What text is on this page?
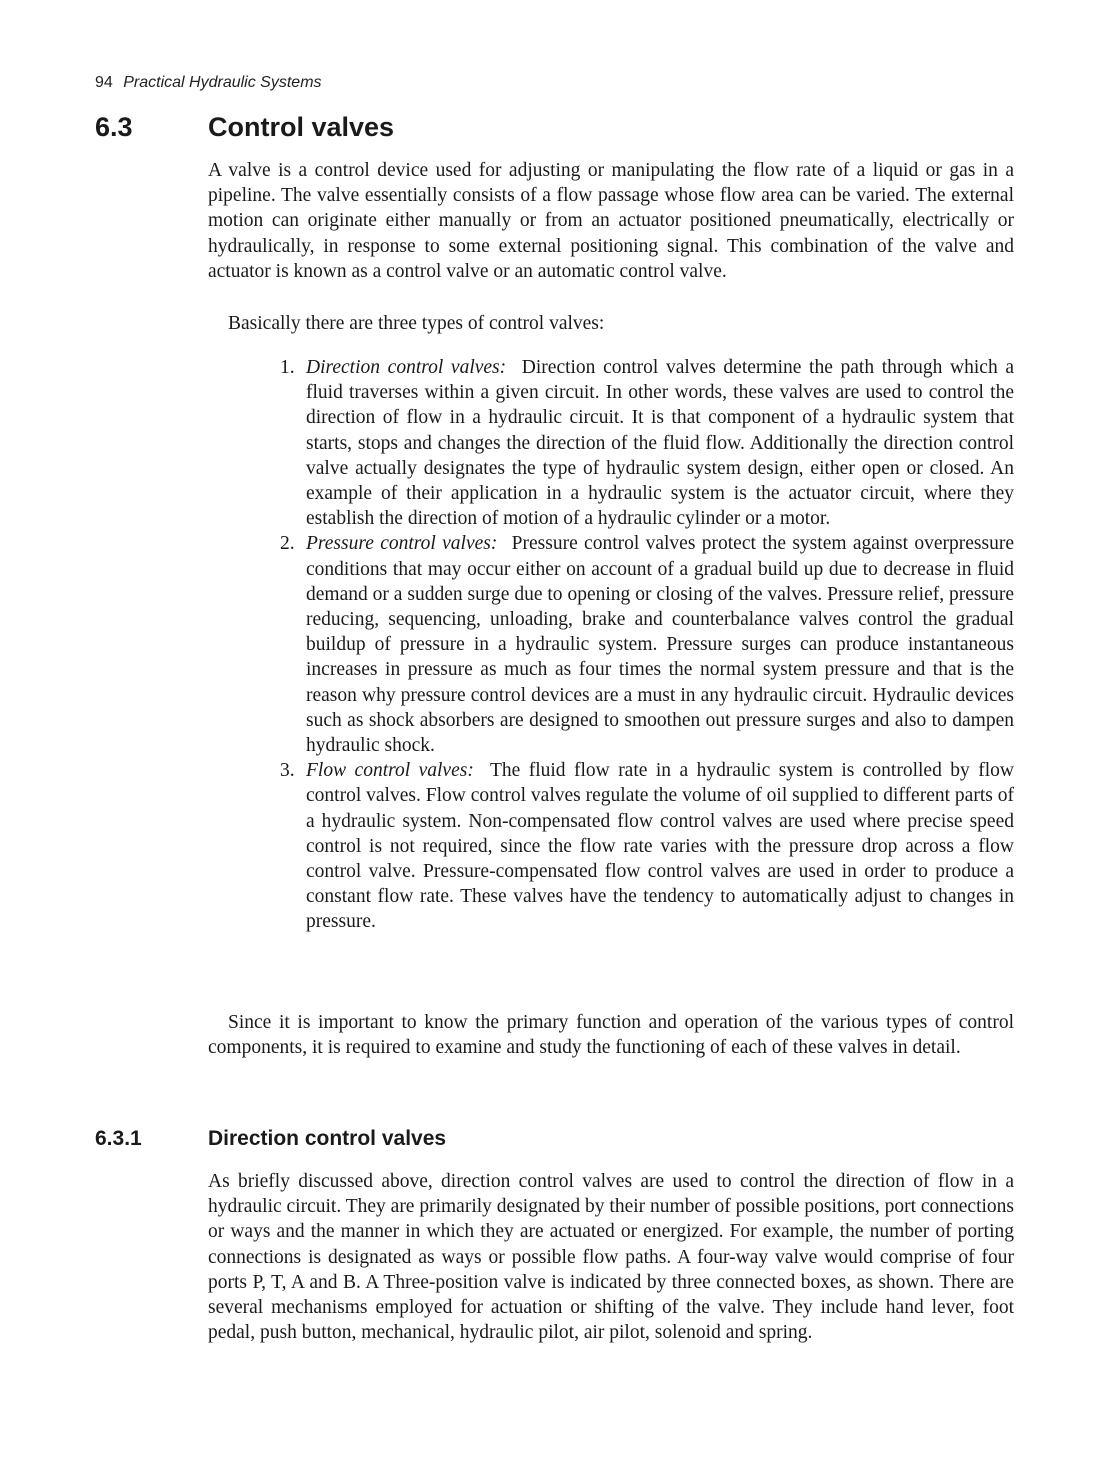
94 Practical Hydraulic Systems
6.3	Control valves

A valve is a control device used for adjusting or manipulating the flow rate of a liquid or gas in a pipeline. The valve essentially consists of a flow passage whose flow area can be varied. The external motion can originate either manually or from an actuator positioned pneumatically, electrically or hydraulically, in response to some external positioning signal. This combination of the valve and actuator is known as a control valve or an automatic control valve.

Basically there are three types of control valves:

1. Direction control valves: Direction control valves determine the path through which a fluid traverses within a given circuit. In other words, these valves are used to control the direction of flow in a hydraulic circuit. It is that component of a hydraulic system that starts, stops and changes the direction of the fluid flow. Additionally the direction control valve actually designates the type of hydraulic system design, either open or closed. An example of their application in a hydraulic system is the actuator circuit, where they establish the direction of motion of a hydraulic cylinder or a motor.
2. Pressure control valves: Pressure control valves protect the system against overpressure conditions that may occur either on account of a gradual build up due to decrease in fluid demand or a sudden surge due to opening or closing of the valves. Pressure relief, pressure reducing, sequencing, unloading, brake and counterbalance valves control the gradual buildup of pressure in a hydraulic system. Pressure surges can produce instantaneous increases in pressure as much as four times the normal system pressure and that is the reason why pressure control devices are a must in any hydraulic circuit. Hydraulic devices such as shock absorbers are designed to smoothen out pressure surges and also to dampen hydraulic shock.
3. Flow control valves: The fluid flow rate in a hydraulic system is controlled by flow control valves. Flow control valves regulate the volume of oil supplied to different parts of a hydraulic system. Non-compensated flow control valves are used where precise speed control is not required, since the flow rate varies with the pressure drop across a flow control valve. Pressure-compensated flow control valves are used in order to produce a constant flow rate. These valves have the tendency to automatically adjust to changes in pressure.

Since it is important to know the primary function and operation of the various types of control components, it is required to examine and study the functioning of each of these valves in detail.

6.3.1	Direction control valves

As briefly discussed above, direction control valves are used to control the direction of flow in a hydraulic circuit. They are primarily designated by their number of possible positions, port connections or ways and the manner in which they are actuated or energized. For example, the number of porting connections is designated as ways or possible flow paths. A four-way valve would comprise of four ports P, T, A and B. A Three-position valve is indicated by three connected boxes, as shown. There are several mechanisms employed for actuation or shifting of the valve. They include hand lever, foot pedal, push button, mechanical, hydraulic pilot, air pilot, solenoid and spring.
